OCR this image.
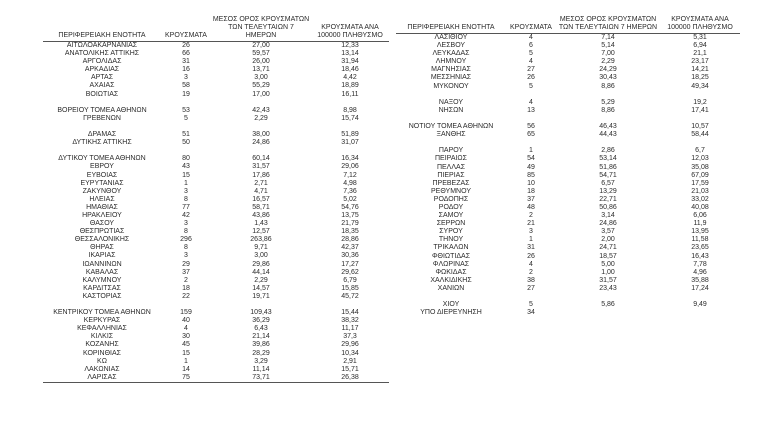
ΠΕΡΙΦΕΡΕΙΑΚΗ ΕΝΟΤΗΤΑ	ΚΡΟΥΣΜΑΤΑ	ΜΕΣΟΣ ΟΡΟΣ ΚΡΟΥΣΜΑΤΩΝ ΤΩΝ ΤΕΛΕΥΤΑΙΩΝ 7 ΗΜΕΡΩΝ	ΚΡΟΥΣΜΑΤΑ ΑΝΑ 100000 ΠΛΗΘΥΣΜΟ
ΑΙΤΩΛΟΑΚΑΡΝΑΝΙΑΣ	26	27,00	12,33
ΑΝΑΤΟΛΙΚΗΣ ΑΤΤΙΚΗΣ	66	59,57	13,14
ΑΡΓΟΛΙΔΑΣ	31	26,00	31,94
ΑΡΚΑΔΙΑΣ	16	13,71	18,46
ΑΡΤΑΣ	3	3,00	4,42
ΑΧΑΪΑΣ	58	55,29	18,89
ΒΟΙΩΤΙΑΣ	19	17,00	16,11

ΒΟΡΕΙΟΥ ΤΟΜΕΑ ΑΘΗΝΩΝ	53	42,43	8,98
ΓΡΕΒΕΝΩΝ	5	2,29	15,74

ΔΡΑΜΑΣ	51	38,00	51,89
ΔΥΤΙΚΗΣ ΑΤΤΙΚΗΣ	50	24,86	31,07

ΔΥΤΙΚΟΥ ΤΟΜΕΑ ΑΘΗΝΩΝ	80	60,14	16,34
ΕΒΡΟΥ	43	31,57	29,06
ΕΥΒΟΙΑΣ	15	17,86	7,12
ΕΥΡΥΤΑΝΙΑΣ	1	2,71	4,98
ΖΑΚΥΝΘΟΥ	3	4,71	7,36
ΗΛΕΙΑΣ	8	16,57	5,02
ΗΜΑΘΙΑΣ	77	58,71	54,76
ΗΡΑΚΛΕΙΟΥ	42	43,86	13,75
ΘΑΣΟΥ	3	1,43	21,79
ΘΕΣΠΡΩΤΙΑΣ	8	12,57	18,35
ΘΕΣΣΑΛΟΝΙΚΗΣ	296	263,86	28,86
ΘΗΡΑΣ	8	9,71	42,37
ΙΚΑΡΙΑΣ	3	3,00	30,36
ΙΩΑΝΝΙΝΩΝ	29	29,86	17,27
ΚΑΒΑΛΑΣ	37	44,14	29,62
ΚΑΛΥΜΝΟΥ	2	2,29	6,79
ΚΑΡΔΙΤΣΑΣ	18	14,57	15,85
ΚΑΣΤΟΡΙΑΣ	22	19,71	45,72

ΚΕΝΤΡΙΚΟΥ ΤΟΜΕΑ ΑΘΗΝΩΝ	159	109,43	15,44
ΚΕΡΚΥΡΑΣ	40	36,29	38,32
ΚΕΦΑΛΛΗΝΙΑΣ	4	6,43	11,17
ΚΙΛΚΙΣ	30	21,14	37,3
ΚΟΖΑΝΗΣ	45	39,86	29,96
ΚΟΡΙΝΘΙΑΣ	15	28,29	10,34
ΚΩ	1	3,29	2,91
ΛΑΚΩΝΙΑΣ	14	11,14	15,71
ΛΑΡΙΣΑΣ	75	73,71	26,38
ΠΕΡΙΦΕΡΕΙΑΚΗ ΕΝΟΤΗΤΑ	ΚΡΟΥΣΜΑΤΑ	ΜΕΣΟΣ ΟΡΟΣ ΚΡΟΥΣΜΑΤΩΝ ΤΩΝ ΤΕΛΕΥΤΑΙΩΝ 7 ΗΜΕΡΩΝ	ΚΡΟΥΣΜΑΤΑ ΑΝΑ 100000 ΠΛΗΘΥΣΜΟ
ΛΑΣΙΘΙΟΥ	4	7,14	5,31
ΛΕΣΒΟΥ	6	5,14	6,94
ΛΕΥΚΑΔΑΣ	5	7,00	21,1
ΛΗΜΝΟΥ	4	2,29	23,17
ΜΑΓΝΗΣΙΑΣ	27	24,29	14,21
ΜΕΣΣΗΝΙΑΣ	26	30,43	18,25
ΜΥΚΟΝΟΥ	5	8,86	49,34

ΝΑΞΟΥ	4	5,29	19,2
ΝΗΣΩΝ	13	8,86	17,41

ΝΟΤΙΟΥ ΤΟΜΕΑ ΑΘΗΝΩΝ	56	46,43	10,57
ΞΑΝΘΗΣ	65	44,43	58,44

ΠΑΡΟΥ	1	2,86	6,7
ΠΕΙΡΑΙΩΣ	54	53,14	12,03
ΠΕΛΛΑΣ	49	51,86	35,08
ΠΙΕΡΙΑΣ	85	54,71	67,09
ΠΡΕΒΕΖΑΣ	10	6,57	17,59
ΡΕΘΥΜΝΟΥ	18	13,29	21,03
ΡΟΔΟΠΗΣ	37	22,71	33,02
ΡΟΔΟΥ	48	50,86	40,08
ΣΑΜΟΥ	2	3,14	6,06
ΣΕΡΡΩΝ	21	24,86	11,9
ΣΥΡΟΥ	3	3,57	13,95
ΤΗΝΟΥ	1	2,00	11,58
ΤΡΙΚΑΛΩΝ	31	24,71	23,65
ΦΘΙΩΤΙΔΑΣ	26	18,57	16,43
ΦΛΩΡΙΝΑΣ	4	5,00	7,78
ΦΩΚΙΔΑΣ	2	1,00	4,96
ΧΑΛΚΙΔΙΚΗΣ	38	31,57	35,88
ΧΑΝΙΩΝ	27	23,43	17,24

ΧΙΟΥ	5	5,86	9,49
ΥΠΟ ΔΙΕΡΕΥΝΗΣΗ	34		
